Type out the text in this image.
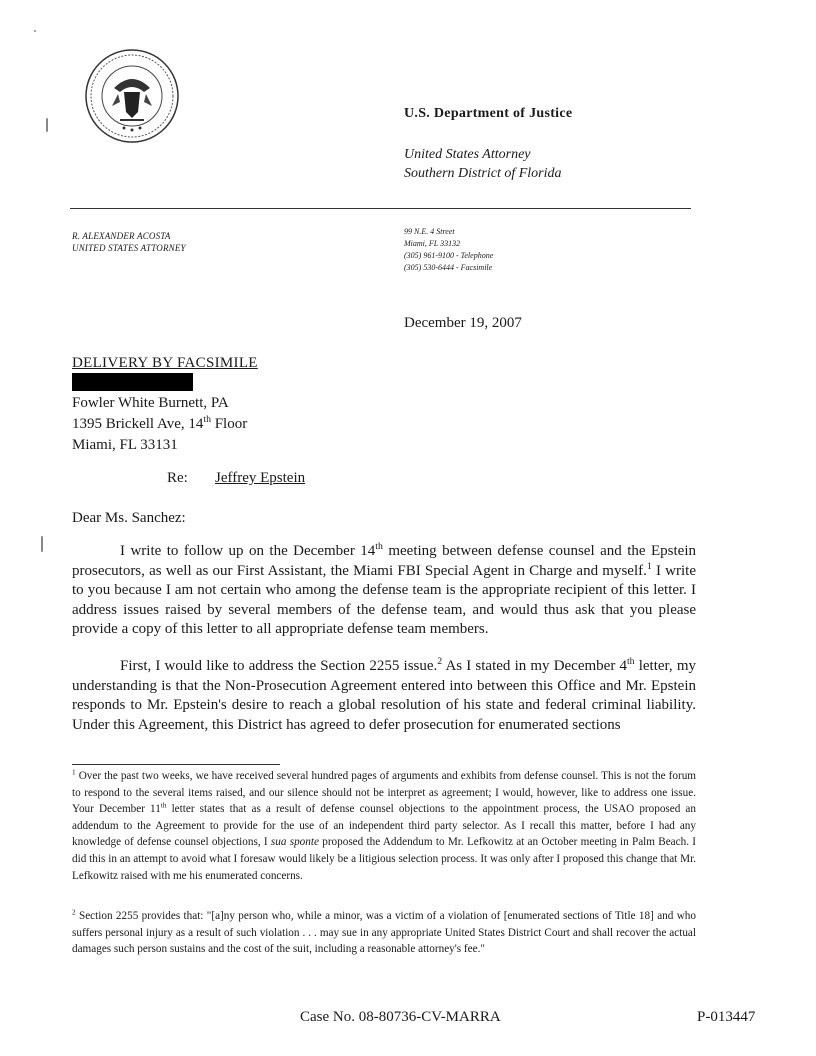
U.S. Department of Justice
United States Attorney
Southern District of Florida
R. ALEXANDER ACOSTA
UNITED STATES ATTORNEY
99 N.E. 4 Street
Miami, FL 33132
(305) 961-9100 - Telephone
(305) 530-6444 - Facsimile
December 19, 2007
DELIVERY BY FACSIMILE
Fowler White Burnett, PA
1395 Brickell Ave, 14th Floor
Miami, FL 33131
Re: Jeffrey Epstein
Dear Ms. Sanchez:
I write to follow up on the December 14th meeting between defense counsel and the Epstein prosecutors, as well as our First Assistant, the Miami FBI Special Agent in Charge and myself.$^1$ I write to you because I am not certain who among the defense team is the appropriate recipient of this letter. I address issues raised by several members of the defense team, and would thus ask that you please provide a copy of this letter to all appropriate defense team members.
First, I would like to address the Section 2255 issue.$^2$ As I stated in my December 4th letter, my understanding is that the Non-Prosecution Agreement entered into between this Office and Mr. Epstein responds to Mr. Epstein's desire to reach a global resolution of his state and federal criminal liability. Under this Agreement, this District has agreed to defer prosecution for enumerated sections
$^1$ Over the past two weeks, we have received several hundred pages of arguments and exhibits from defense counsel. This is not the forum to respond to the several items raised, and our silence should not be interpret as agreement; I would, however, like to address one issue. Your December 11th letter states that as a result of defense counsel objections to the appointment process, the USAO proposed an addendum to the Agreement to provide for the use of an independent third party selector. As I recall this matter, before I had any knowledge of defense counsel objections, I sua sponte proposed the Addendum to Mr. Lefkowitz at an October meeting in Palm Beach. I did this in an attempt to avoid what I foresaw would likely be a litigious selection process. It was only after I proposed this change that Mr. Lefkowitz raised with me his enumerated concerns.
$^2$ Section 2255 provides that: "[a]ny person who, while a minor, was a victim of a violation of [enumerated sections of Title 18] and who suffers personal injury as a result of such violation . . . may sue in any appropriate United States District Court and shall recover the actual damages such person sustains and the cost of the suit, including a reasonable attorney's fee."
Case No. 08-80736-CV-MARRA	P-013447
